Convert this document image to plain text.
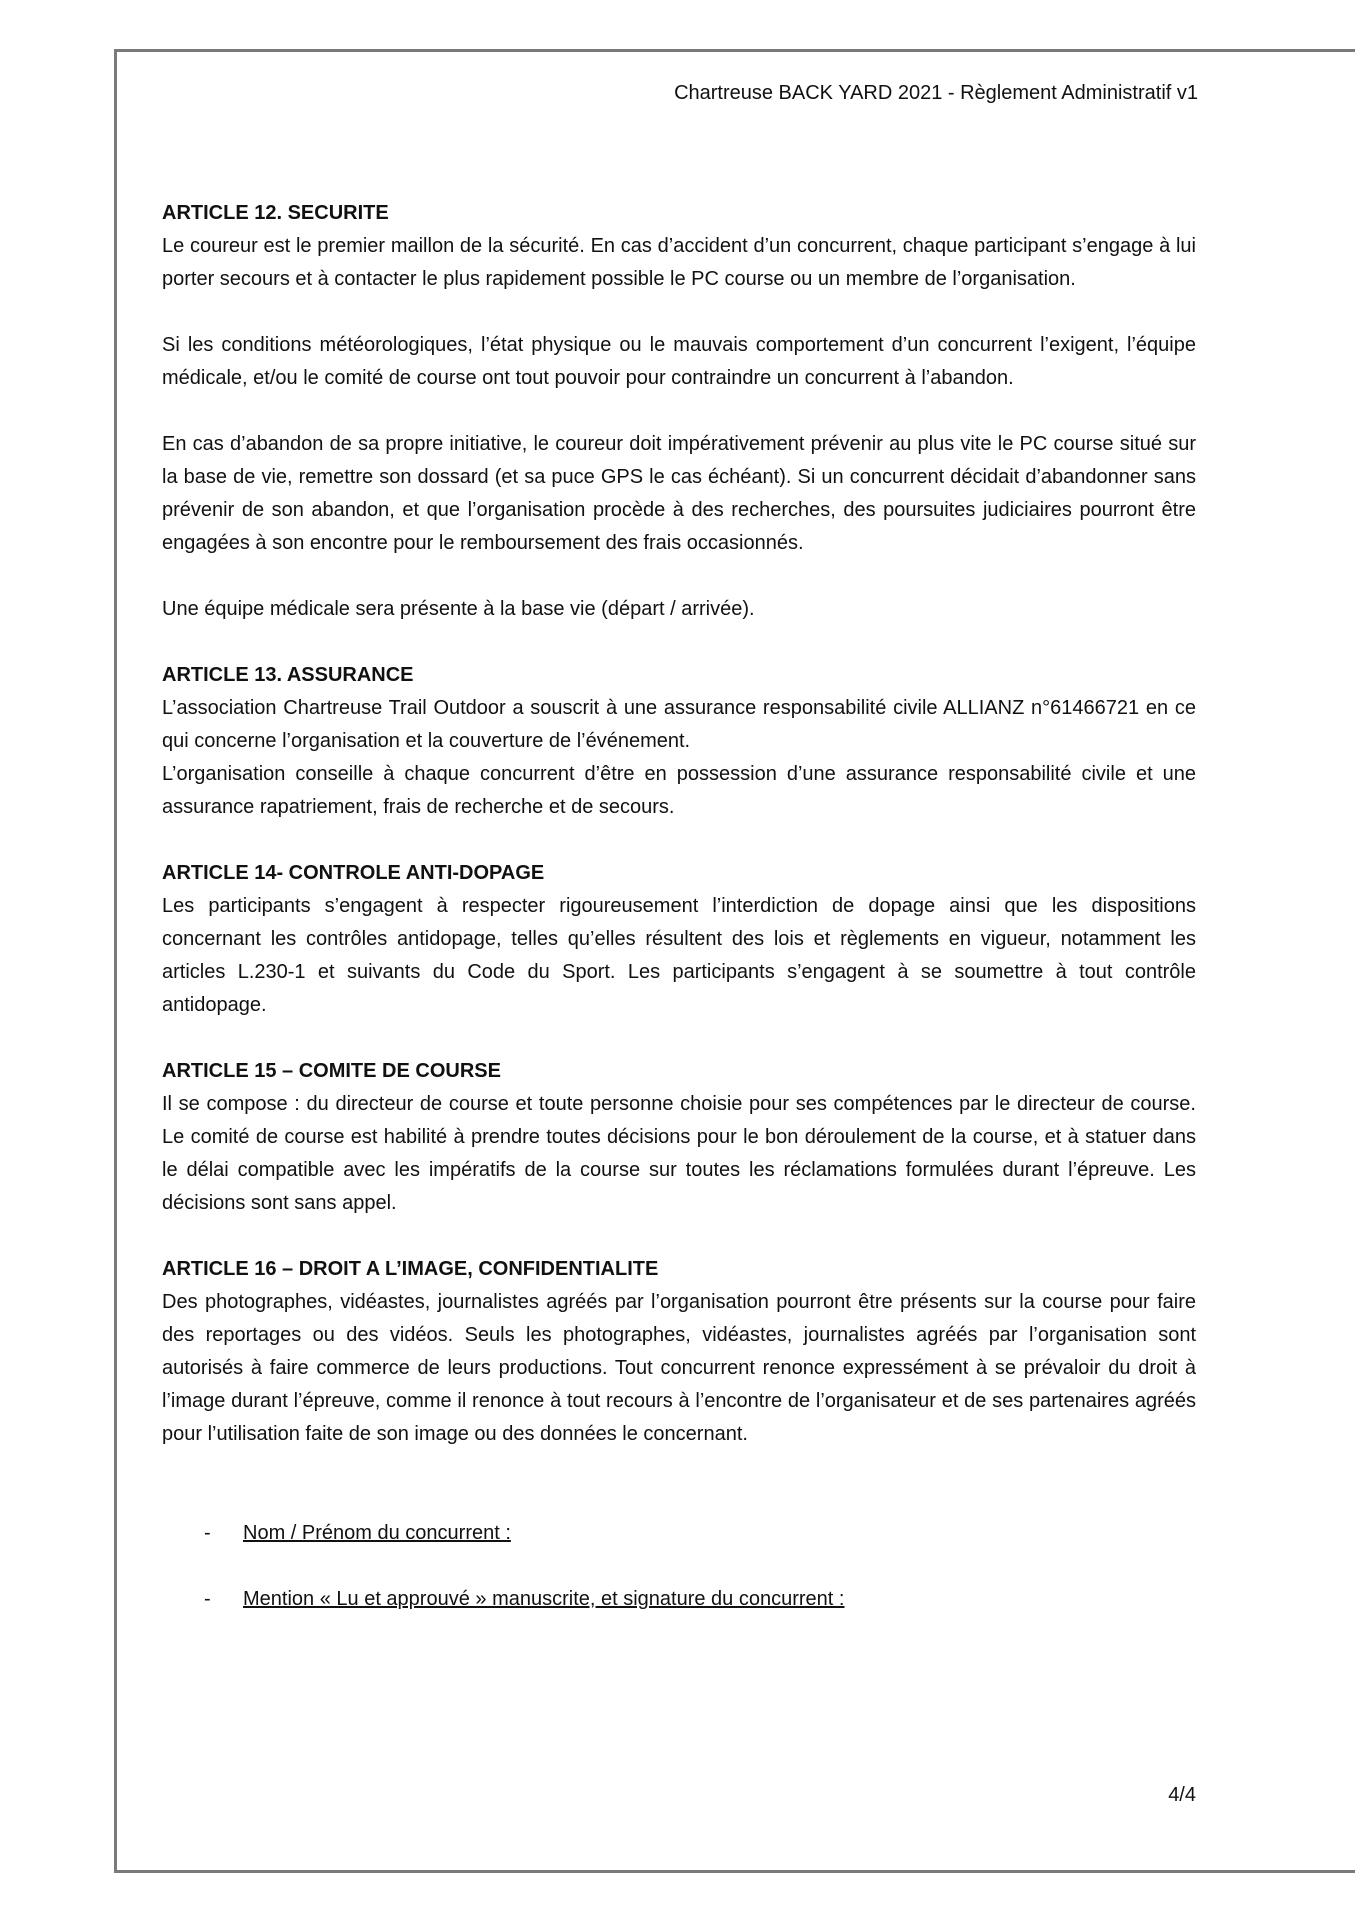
Chartreuse BACK YARD 2021 - Règlement Administratif v1

ARTICLE 12. SECURITE

Le coureur est le premier maillon de la sécurité. En cas d’accident d’un concurrent, chaque participant s’engage à lui porter secours et à contacter le plus rapidement possible le PC course ou un membre de l’organisation.

Si les conditions météorologiques, l’état physique ou le mauvais comportement d’un concurrent l’exigent, l’équipe médicale, et/ou le comité de course ont tout pouvoir pour contraindre un concurrent à l’abandon.

En cas d’abandon de sa propre initiative, le coureur doit impérativement prévenir au plus vite le PC course situé sur la base de vie, remettre son dossard (et sa puce GPS le cas échéant). Si un concurrent décidait d’abandonner sans prévenir de son abandon, et que l’organisation procède à des recherches, des poursuites judiciaires pourront être engagées à son encontre pour le remboursement des frais occasionnés.

Une équipe médicale sera présente à la base vie (départ / arrivée).

ARTICLE 13. ASSURANCE

L’association Chartreuse Trail Outdoor a souscrit à une assurance responsabilité civile ALLIANZ n°61466721 en ce qui concerne l’organisation et la couverture de l’événement.

L’organisation conseille à chaque concurrent d’être en possession d’une assurance responsabilité civile et une assurance rapatriement, frais de recherche et de secours.

ARTICLE 14- CONTROLE ANTI-DOPAGE

Les participants s’engagent à respecter rigoureusement l’interdiction de dopage ainsi que les dispositions concernant les contrôles antidopage, telles qu’elles résultent des lois et règlements en vigueur, notamment les articles L.230-1 et suivants du Code du Sport. Les participants s’engagent à se soumettre à tout contrôle antidopage.

ARTICLE 15 – COMITE DE COURSE

Il se compose : du directeur de course et toute personne choisie pour ses compétences par le directeur de course. Le comité de course est habilité à prendre toutes décisions pour le bon déroulement de la course, et à statuer dans le délai compatible avec les impératifs de la course sur toutes les réclamations formulées durant l’épreuve. Les décisions sont sans appel.

ARTICLE 16 – DROIT A L’IMAGE, CONFIDENTIALITE

Des photographes, vidéastes, journalistes agréés par l’organisation pourront être présents sur la course pour faire des reportages ou des vidéos. Seuls les photographes, vidéastes, journalistes agréés par l’organisation sont autorisés à faire commerce de leurs productions. Tout concurrent renonce expressément à se prévaloir du droit à l’image durant l’épreuve, comme il renonce à tout recours à l’encontre de l’organisateur et de ses partenaires agréés pour l’utilisation faite de son image ou des données le concernant.

- Nom / Prénom du concurrent :

- Mention « Lu et approuvé » manuscrite, et signature du concurrent :

4/4
